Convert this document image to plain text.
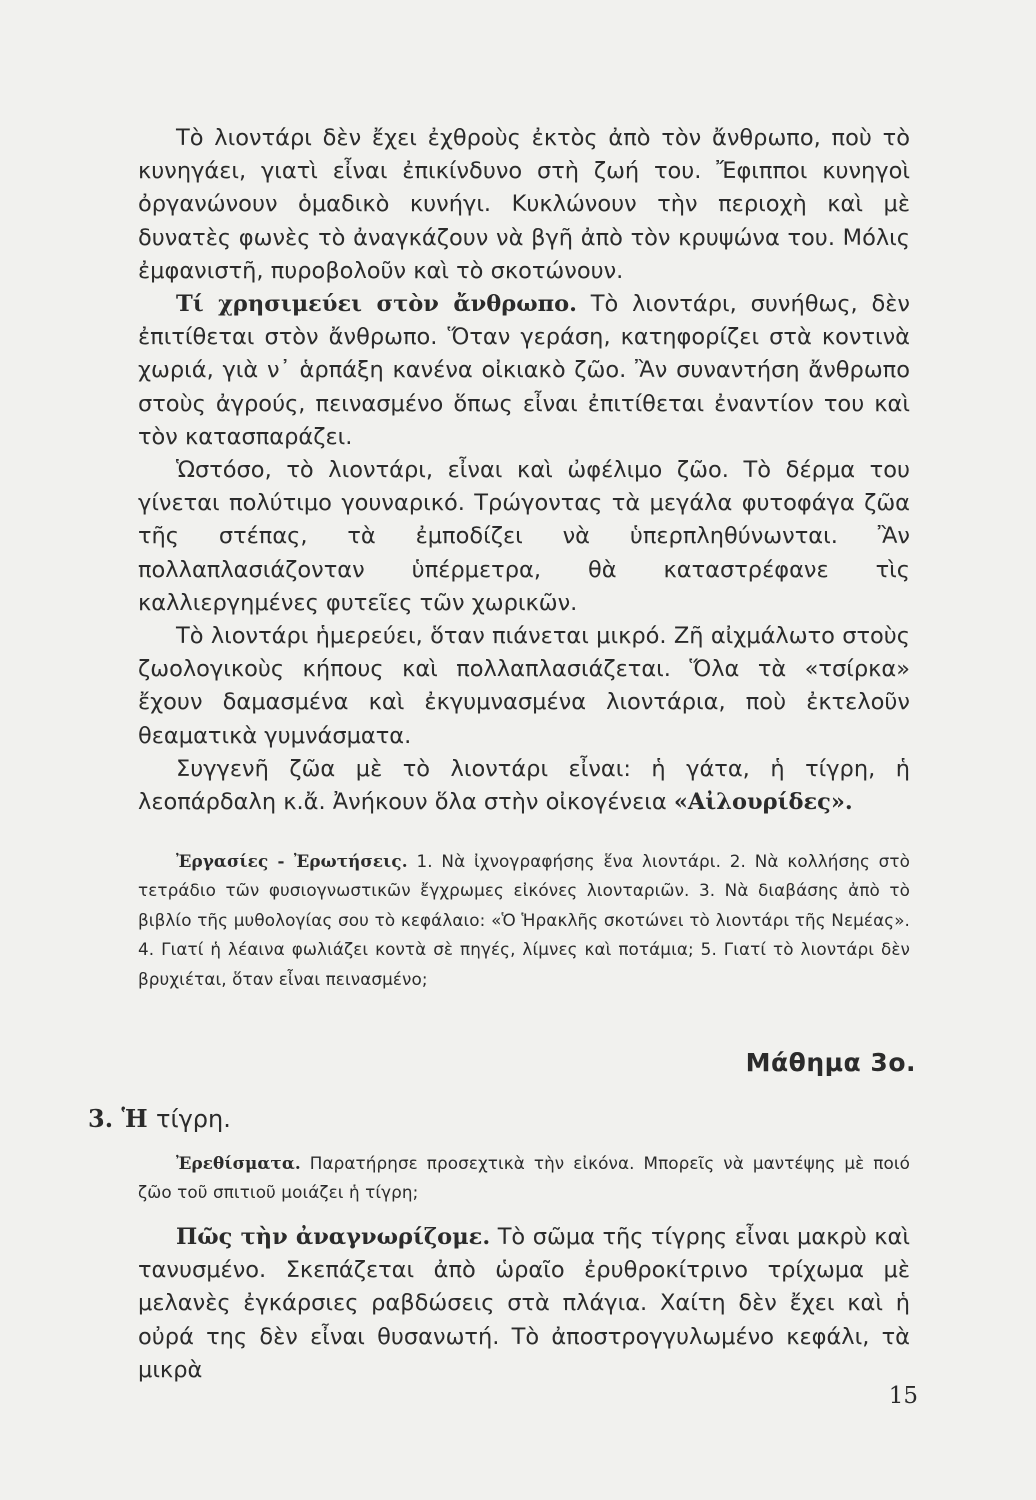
Τὸ λιοντάρι δὲν ἔχει ἐχθροὺς ἐκτὸς ἀπὸ τὸν ἄνθρωπο, ποὺ τὸ κυνηγάει, γιατὶ εἶναι ἐπικίνδυνο στὴ ζωή του. Ἔφιπποι κυνηγοὶ ὀργανώνουν ὁμαδικὸ κυνήγι. Κυκλώνουν τὴν περιοχὴ καὶ μὲ δυνατὲς φωνὲς τὸ ἀναγκάζουν νὰ βγῆ ἀπὸ τὸν κρυψώνα του. Μόλις ἐμφανιστῆ, πυροβολοῦν καὶ τὸ σκοτώνουν.

Τί χρησιμεύει στὸν ἄνθρωπο. Τὸ λιοντάρι, συνήθως, δὲν ἐπιτίθεται στὸν ἄνθρωπο. Ὅταν γεράση, κατηφορίζει στὰ κοντινὰ χωριά, γιὰ ν᾽ ἁρπάξη κανένα οἰκιακὸ ζῶο. Ἂν συναντήση ἄνθρωπο στοὺς ἀγρούς, πεινασμένο ὅπως εἶναι ἐπιτίθεται ἐναντίον του καὶ τὸν κατασπαράζει.

Ὡστόσο, τὸ λιοντάρι, εἶναι καὶ ὠφέλιμο ζῶο. Τὸ δέρμα του γίνεται πολύτιμο γουναρικό. Τρώγοντας τὰ μεγάλα φυτοφάγα ζῶα τῆς στέπας, τὰ ἐμποδίζει νὰ ὑπερπληθύνωνται. Ἂν πολλαπλασιάζονταν ὑπέρμετρα, θὰ καταστρέφανε τὶς καλλιεργημένες φυτεῖες τῶν χωρικῶν.

Τὸ λιοντάρι ἡμερεύει, ὅταν πιάνεται μικρό. Ζῆ αἰχμάλωτο στοὺς ζωολογικοὺς κήπους καὶ πολλαπλασιάζεται. Ὅλα τὰ «τσίρκα» ἔχουν δαμασμένα καὶ ἐκγυμνασμένα λιοντάρια, ποὺ ἐκτελοῦν θεαματικὰ γυμνάσματα.

Συγγενῆ ζῶα μὲ τὸ λιοντάρι εἶναι: ἡ γάτα, ἡ τίγρη, ἡ λεοπάρδαλη κ.ἄ. Ἀνήκουν ὅλα στὴν οἰκογένεια «Αἰλουρίδες».

Ἐργασίες - Ἐρωτήσεις. 1. Νὰ ἰχνογραφήσης ἕνα λιοντάρι. 2. Νὰ κολλήσης στὸ τετράδιο τῶν φυσιογνωστικῶν ἔγχρωμες εἰκόνες λιονταριῶν. 3. Νὰ διαβάσης ἀπὸ τὸ βιβλίο τῆς μυθολογίας σου τὸ κεφάλαιο: «Ὁ Ἡρακλῆς σκοτώνει τὸ λιοντάρι τῆς Νεμέας». 4. Γιατί ἡ λέαινα φωλιάζει κοντὰ σὲ πηγές, λίμνες καὶ ποτάμια; 5. Γιατί τὸ λιοντάρι δὲν βρυχιέται, ὅταν εἶναι πεινασμένο;

Μάθημα 3ο.
3. Ἡ τίγρη.

Ἐρεθίσματα. Παρατήρησε προσεχτικὰ τὴν εἰκόνα. Μπορεῖς νὰ μαντέψης μὲ ποιό ζῶο τοῦ σπιτιοῦ μοιάζει ἡ τίγρη;

Πῶς τὴν ἀναγνωρίζομε. Τὸ σῶμα τῆς τίγρης εἶναι μακρὺ καὶ τανυσμένο. Σκεπάζεται ἀπὸ ὡραῖο ἐρυθροκίτρινο τρίχωμα μὲ μελανὲς ἐγκάρσιες ραβδώσεις στὰ πλάγια. Χαίτη δὲν ἔχει καὶ ἡ οὐρά της δὲν εἶναι θυσανωτή. Τὸ ἀποστρογγυλωμένο κεφάλι, τὰ μικρὰ

15
